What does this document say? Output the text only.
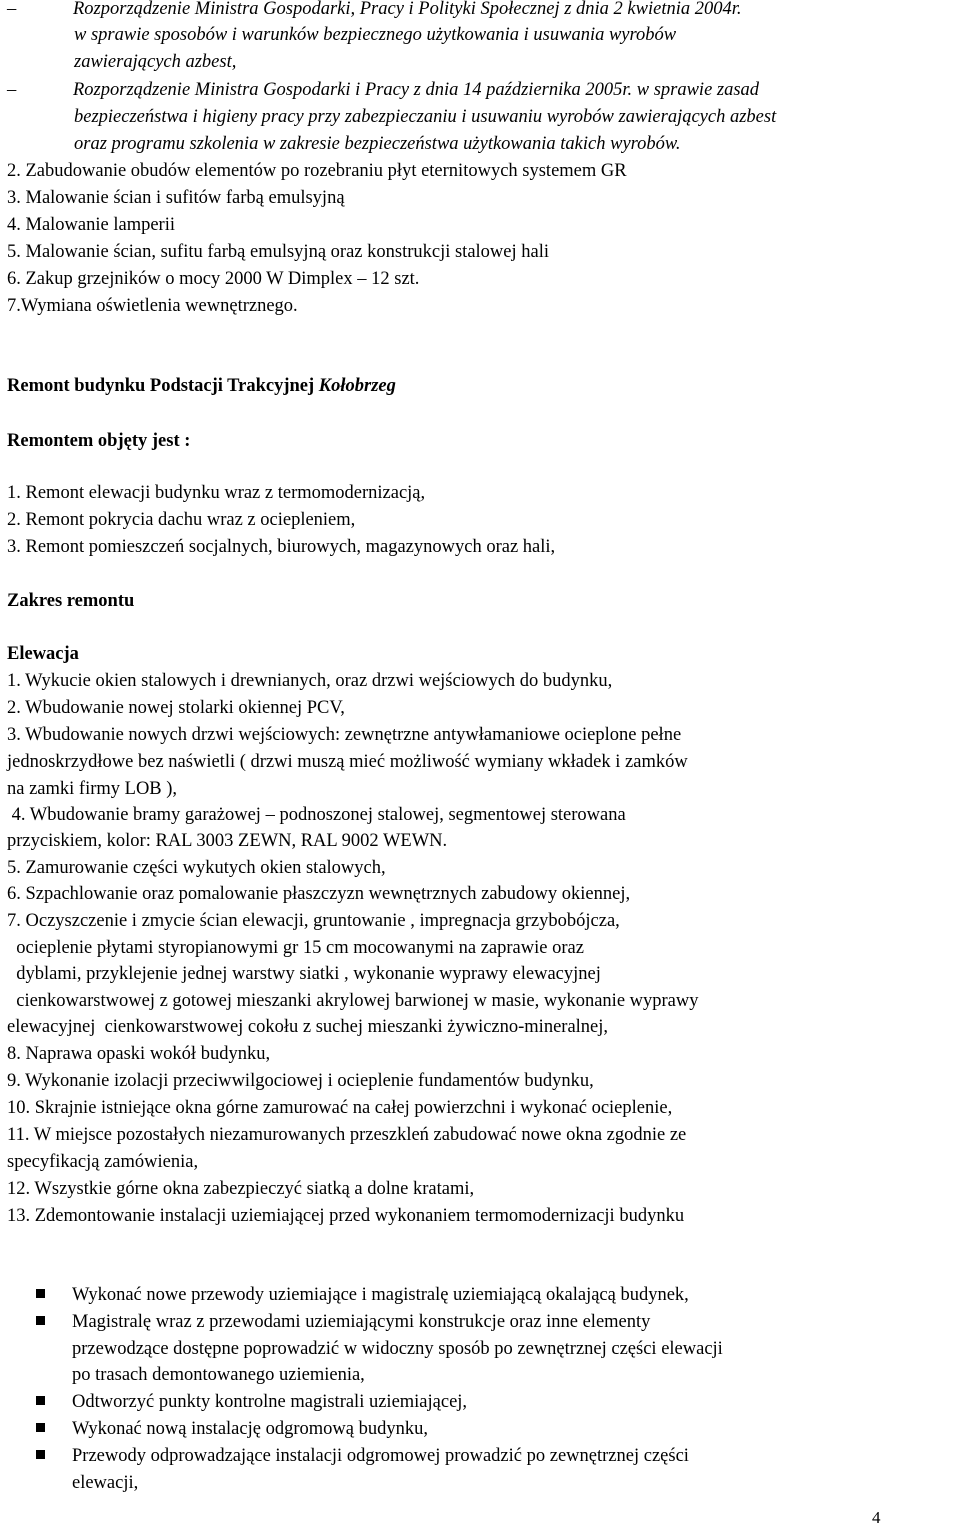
–	Rozporządzenie Ministra Gospodarki, Pracy i Polityki Społecznej z dnia 2 kwietnia 2004r.
w sprawie sposobów i warunków bezpiecznego użytkowania i usuwania wyrobów
zawierających azbest,
–	Rozporządzenie Ministra Gospodarki i Pracy z dnia 14 października 2005r. w sprawie zasad
bezpieczeństwa i higieny pracy przy zabezpieczaniu i usuwaniu wyrobów zawierających azbest
oraz programu szkolenia w zakresie bezpieczeństwa użytkowania takich wyrobów.
2. Zabudowanie obudów elementów po rozebraniu płyt eternitowych systemem GR
3. Malowanie ścian i sufitów farbą emulsyjną
4. Malowanie lamperii
5. Malowanie ścian, sufitu farbą emulsyjną oraz konstrukcji stalowej hali
6. Zakup grzejników o mocy 2000 W Dimplex – 12 szt.
7.Wymiana oświetlenia wewnętrznego.
Remont budynku Podstacji Trakcyjnej Kołobrzeg
Remontem objęty jest :
1. Remont elewacji budynku wraz z termomodernizacją,
2. Remont pokrycia dachu wraz z ociepleniem,
3. Remont pomieszczeń socjalnych, biurowych, magazynowych oraz hali,
Zakres remontu
Elewacja
1. Wykucie okien stalowych i drewnianych, oraz drzwi wejściowych do budynku,
2. Wbudowanie nowej stolarki okiennej PCV,
3. Wbudowanie nowych drzwi wejściowych: zewnętrzne antywłamaniowe ocieplone pełne
jednoskrzydłowe bez naświetli ( drzwi muszą mieć możliwość wymiany wkładek i zamków
na zamki firmy LOB ),
4. Wbudowanie bramy garażowej – podnoszonej stalowej, segmentowej sterowana
przyciskiem, kolor: RAL 3003 ZEWN, RAL 9002 WEWN.
5. Zamurowanie części wykutych okien stalowych,
6. Szpachlowanie oraz pomalowanie płaszczyzn wewnętrznych zabudowy okiennej,
7. Oczyszczenie i zmycie ścian elewacji, gruntowanie , impregnacja grzybobójcza,
ocieplenie płytami styropianowymi gr 15 cm mocowanymi na zaprawie oraz
dyblami, przyklejenie jednej warstwy siatki , wykonanie wyprawy elewacyjnej
cienkowarstwowej z gotowej mieszanki akrylowej barwionej w masie, wykonanie wyprawy
elewacyjnej  cienkowarstwowej cokołu z suchej mieszanki żywiczno-mineralnej,
8. Naprawa opaski wokół budynku,
9. Wykonanie izolacji przeciwwilgociowej i ocieplenie fundamentów budynku,
10. Skrajnie istniejące okna górne zamurować na całej powierzchni i wykonać ocieplenie,
11. W miejsce pozostałych niezamurowanych przeszkleń zabudować nowe okna zgodnie ze
specyfikacją zamówienia,
12. Wszystkie górne okna zabezpieczyć siatką a dolne kratami,
13. Zdemontowanie instalacji uziemiającej przed wykonaniem termomodernizacji budynku
Wykonać nowe przewody uziemiające i magistralę uziemiającą okalającą budynek,
Magistralę wraz z przewodami uziemiającymi konstrukcje oraz inne elementy
przewodzące dostępne poprowadzić w widoczny sposób po zewnętrznej części elewacji
po trasach demontowanego uziemienia,
Odtworzyć punkty kontrolne magistrali uziemiającej,
Wykonać nową instalację odgromową budynku,
Przewody odprowadzające instalacji odgromowej prowadzić po zewnętrznej części
elewacji,
4
